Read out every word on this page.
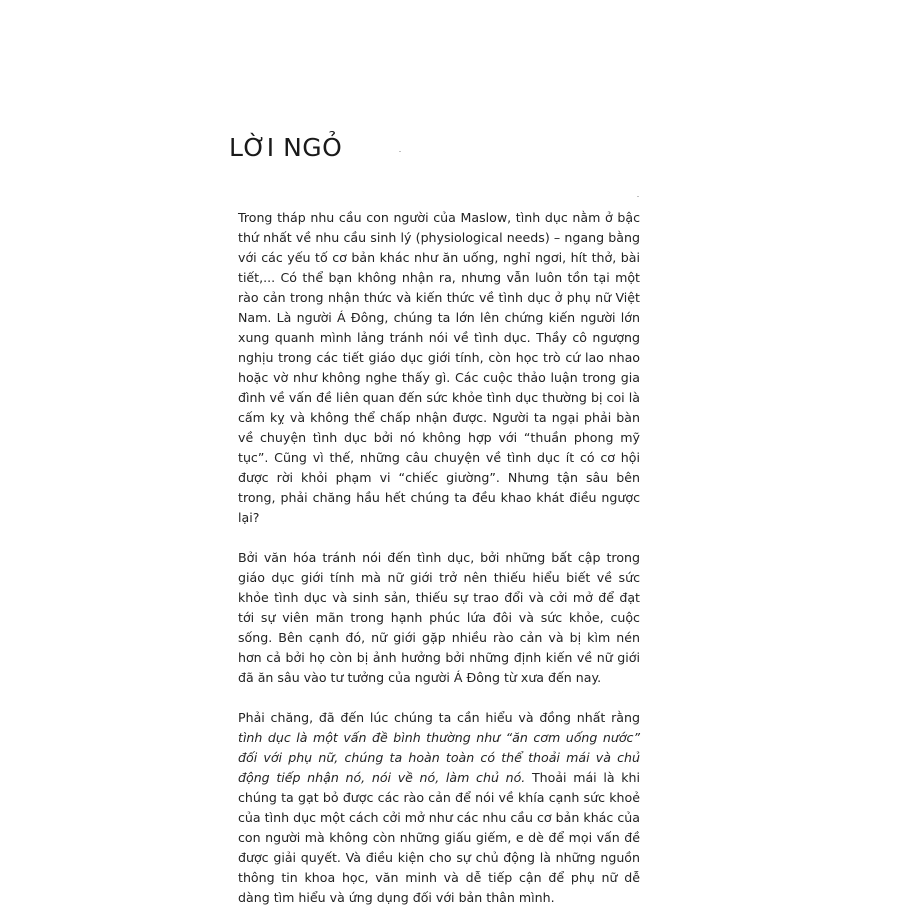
LỜI NGỎ

Trong tháp nhu cầu con người của Maslow, tình dục nằm ở bậc thứ nhất về nhu cầu sinh lý (physiological needs) – ngang bằng với các yếu tố cơ bản khác như ăn uống, nghỉ ngơi, hít thở, bài tiết,... Có thể bạn không nhận ra, nhưng vẫn luôn tồn tại một rào cản trong nhận thức và kiến thức về tình dục ở phụ nữ Việt Nam. Là người Á Đông, chúng ta lớn lên chứng kiến người lớn xung quanh mình lảng tránh nói về tình dục. Thầy cô ngượng nghịu trong các tiết giáo dục giới tính, còn học trò cứ lao nhao hoặc vờ như không nghe thấy gì. Các cuộc thảo luận trong gia đình về vấn đề liên quan đến sức khỏe tình dục thường bị coi là cấm kỵ và không thể chấp nhận được. Người ta ngại phải bàn về chuyện tình dục bởi nó không hợp với “thuần phong mỹ tục”. Cũng vì thế, những câu chuyện về tình dục ít có cơ hội được rời khỏi phạm vi “chiếc giường”. Nhưng tận sâu bên trong, phải chăng hầu hết chúng ta đều khao khát điều ngược lại?

Bởi văn hóa tránh nói đến tình dục, bởi những bất cập trong giáo dục giới tính mà nữ giới trở nên thiếu hiểu biết về sức khỏe tình dục và sinh sản, thiếu sự trao đổi và cởi mở để đạt tới sự viên mãn trong hạnh phúc lứa đôi và sức khỏe, cuộc sống. Bên cạnh đó, nữ giới gặp nhiều rào cản và bị kìm nén hơn cả bởi họ còn bị ảnh hưởng bởi những định kiến về nữ giới đã ăn sâu vào tư tưởng của người Á Đông từ xưa đến nay.

Phải chăng, đã đến lúc chúng ta cần hiểu và đồng nhất rằng tình dục là một vấn đề bình thường như “ăn cơm uống nước” đối với phụ nữ, chúng ta hoàn toàn có thể thoải mái và chủ động tiếp nhận nó, nói về nó, làm chủ nó. Thoải mái là khi chúng ta gạt bỏ được các rào cản để nói về khía cạnh sức khoẻ của tình dục một cách cởi mở như các nhu cầu cơ bản khác của con người mà không còn những giấu giếm, e dè để mọi vấn đề được giải quyết. Và điều kiện cho sự chủ động là những nguồn thông tin khoa học, văn minh và dễ tiếp cận để phụ nữ dễ dàng tìm hiểu và ứng dụng đối với bản thân mình.
